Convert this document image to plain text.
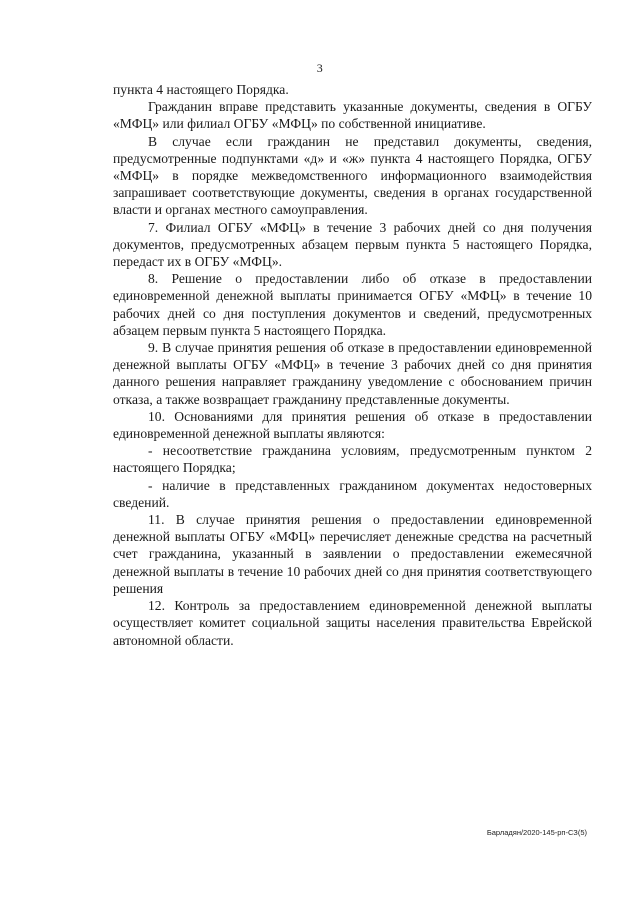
3

пункта 4 настоящего Порядка.

Гражданин вправе представить указанные документы, сведения в ОГБУ «МФЦ» или филиал ОГБУ «МФЦ» по собственной инициативе.

В случае если гражданин не представил документы, сведения, предусмотренные подпунктами «д» и «ж» пункта 4 настоящего Порядка, ОГБУ «МФЦ» в порядке межведомственного информационного взаимодействия запрашивает соответствующие документы, сведения в органах государственной власти и органах местного самоуправления.

7. Филиал ОГБУ «МФЦ» в течение 3 рабочих дней со дня получения документов, предусмотренных абзацем первым пункта 5 настоящего Порядка, передаст их в ОГБУ «МФЦ».

8. Решение о предоставлении либо об отказе в предоставлении единовременной денежной выплаты принимается ОГБУ «МФЦ» в течение 10 рабочих дней со дня поступления документов и сведений, предусмотренных абзацем первым пункта 5 настоящего Порядка.

9. В случае принятия решения об отказе в предоставлении единовременной денежной выплаты ОГБУ «МФЦ» в течение 3 рабочих дней со дня принятия данного решения направляет гражданину уведомление с обоснованием причин отказа, а также возвращает гражданину представленные документы.

10. Основаниями для принятия решения об отказе в предоставлении единовременной денежной выплаты являются:

- несоответствие гражданина условиям, предусмотренным пунктом 2 настоящего Порядка;

- наличие в представленных гражданином документах недостоверных сведений.

11. В случае принятия решения о предоставлении единовременной денежной выплаты ОГБУ «МФЦ» перечисляет денежные средства на расчетный счет гражданина, указанный в заявлении о предоставлении ежемесячной денежной выплаты в течение 10 рабочих дней со дня принятия соответствующего решения

12. Контроль за предоставлением единовременной денежной выплаты осуществляет комитет социальной защиты населения правительства Еврейской автономной области.

Барладян/2020-145-рп-СЗ(5)
